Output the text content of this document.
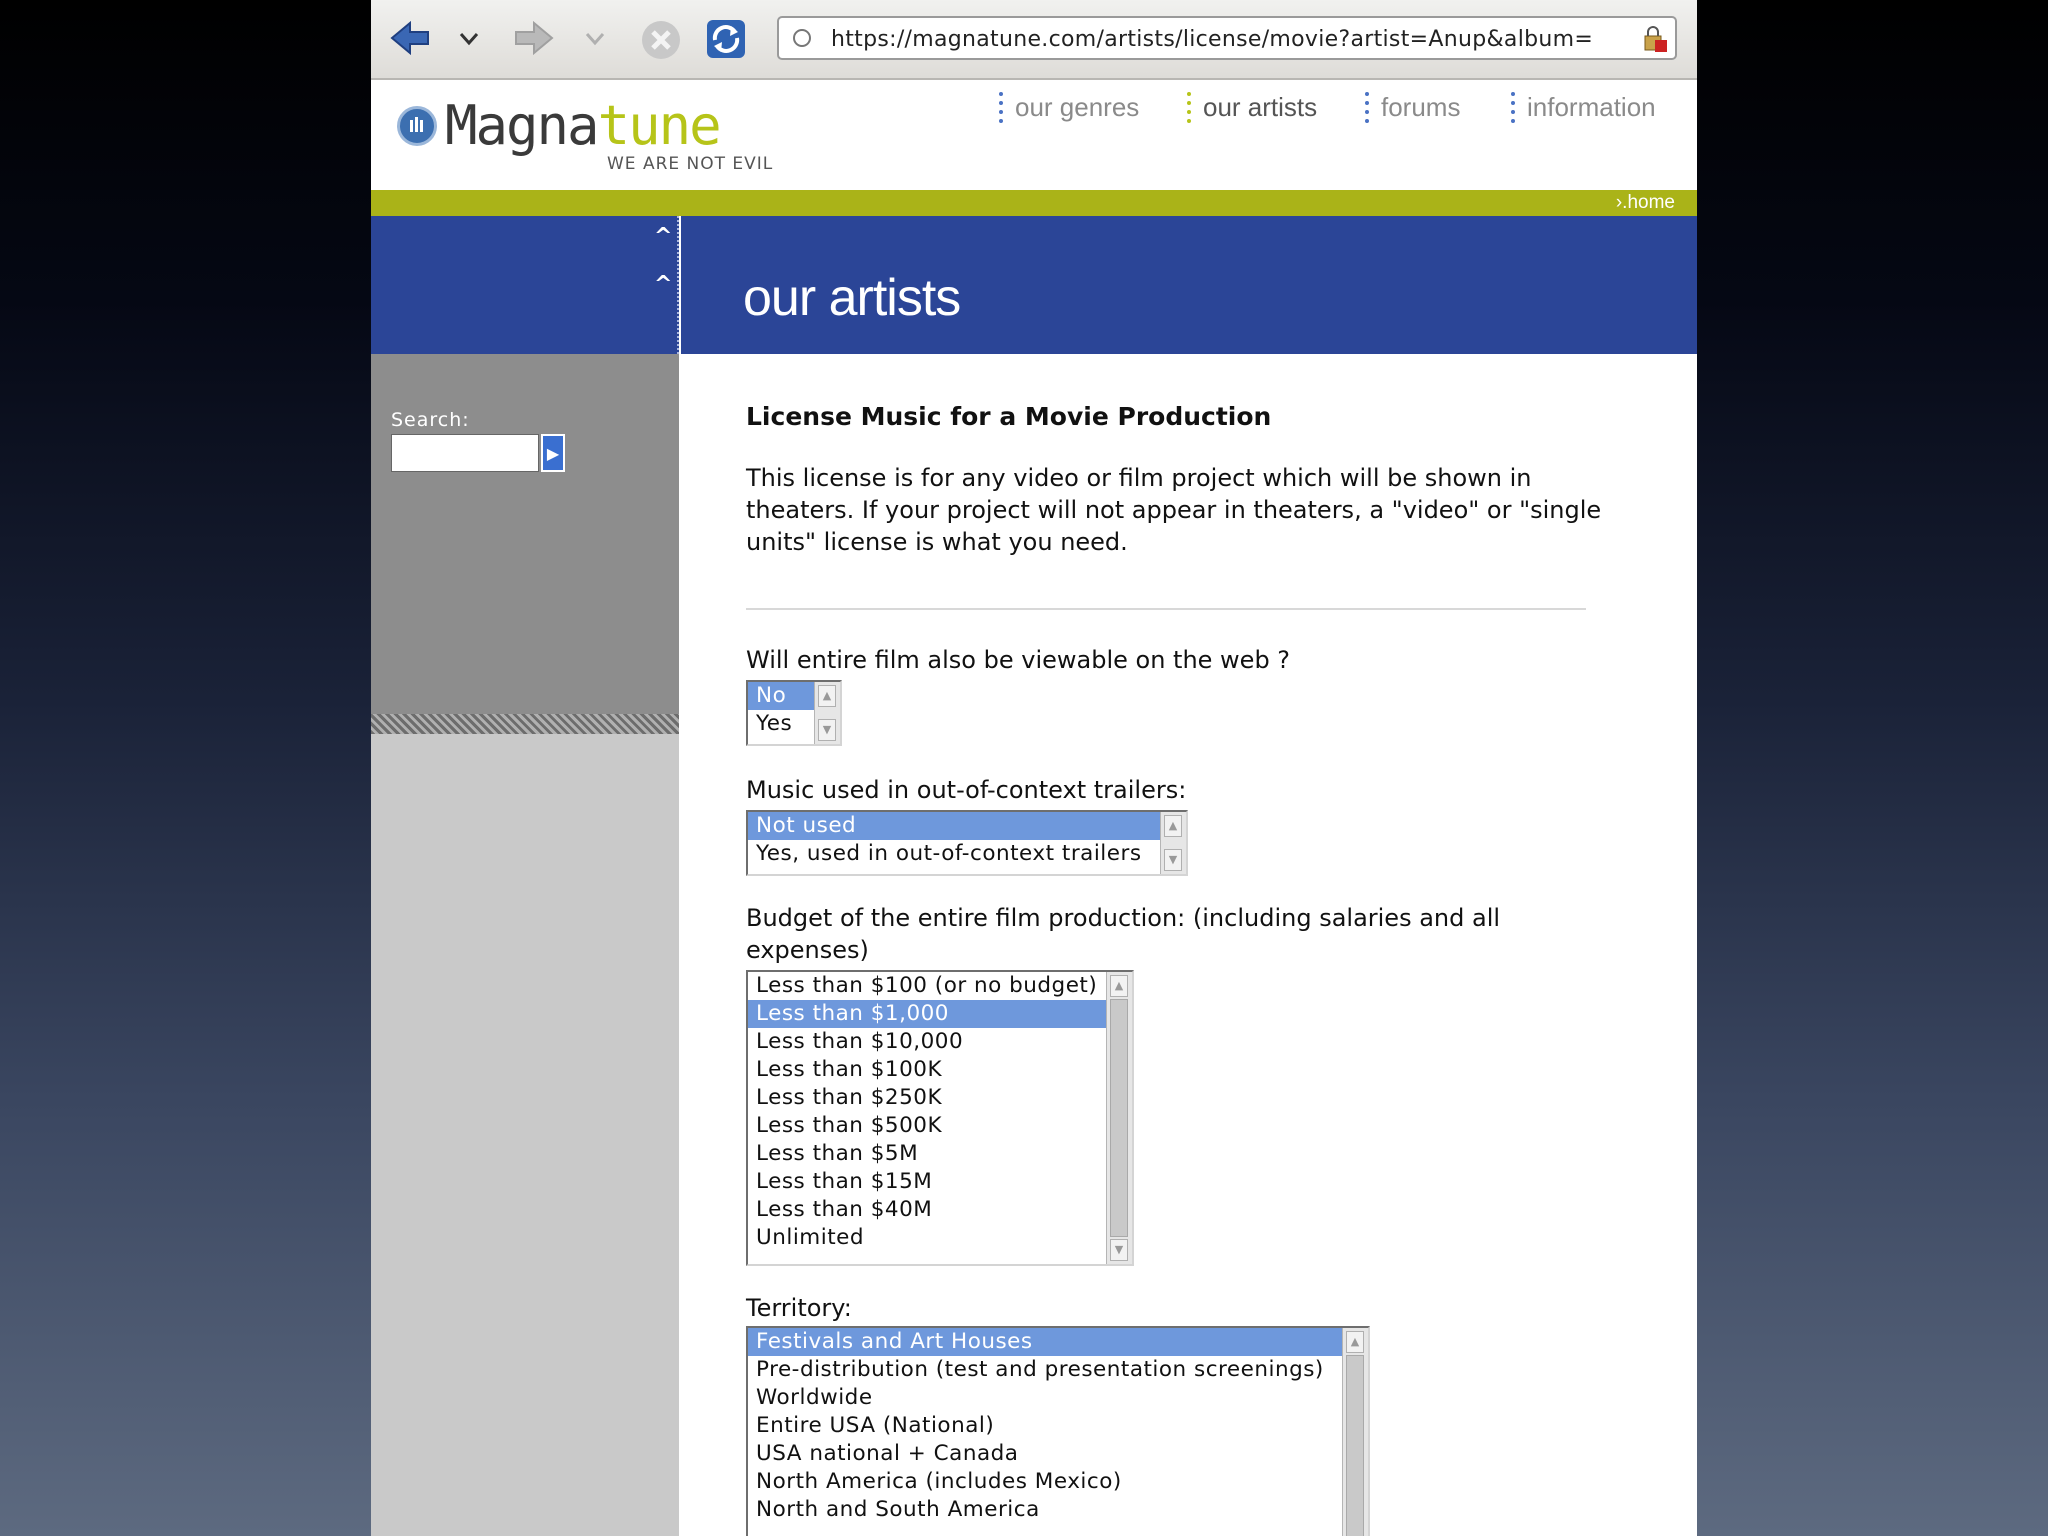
https://magnatune.com/artists/license/movie?artist=Anup&album=
Magnatune
WE ARE NOT EVIL
our genres	our artists	forums	information
›.home
^
^ our artists
Search:
▶
License Music for a Movie Production
This license is for any video or film project which will be shown in theaters. If your project will not appear in theaters, a "video" or "single units" license is what you need.
Will entire film also be viewable on the web ?
No
Yes
▲
▼
Music used in out-of-context trailers:
Not used
Yes, used in out-of-context trailers
▲
▼
Budget of the entire film production: (including salaries and all expenses)
Less than $100 (or no budget)
Less than $1,000
Less than $10,000
Less than $100K
Less than $250K
Less than $500K
Less than $5M
Less than $15M
Less than $40M
Unlimited
▲
▼
Territory:
Festivals and Art Houses
Pre-distribution (test and presentation screenings)
Worldwide
Entire USA (National)
USA national + Canada
North America (includes Mexico)
North and South America
▲
